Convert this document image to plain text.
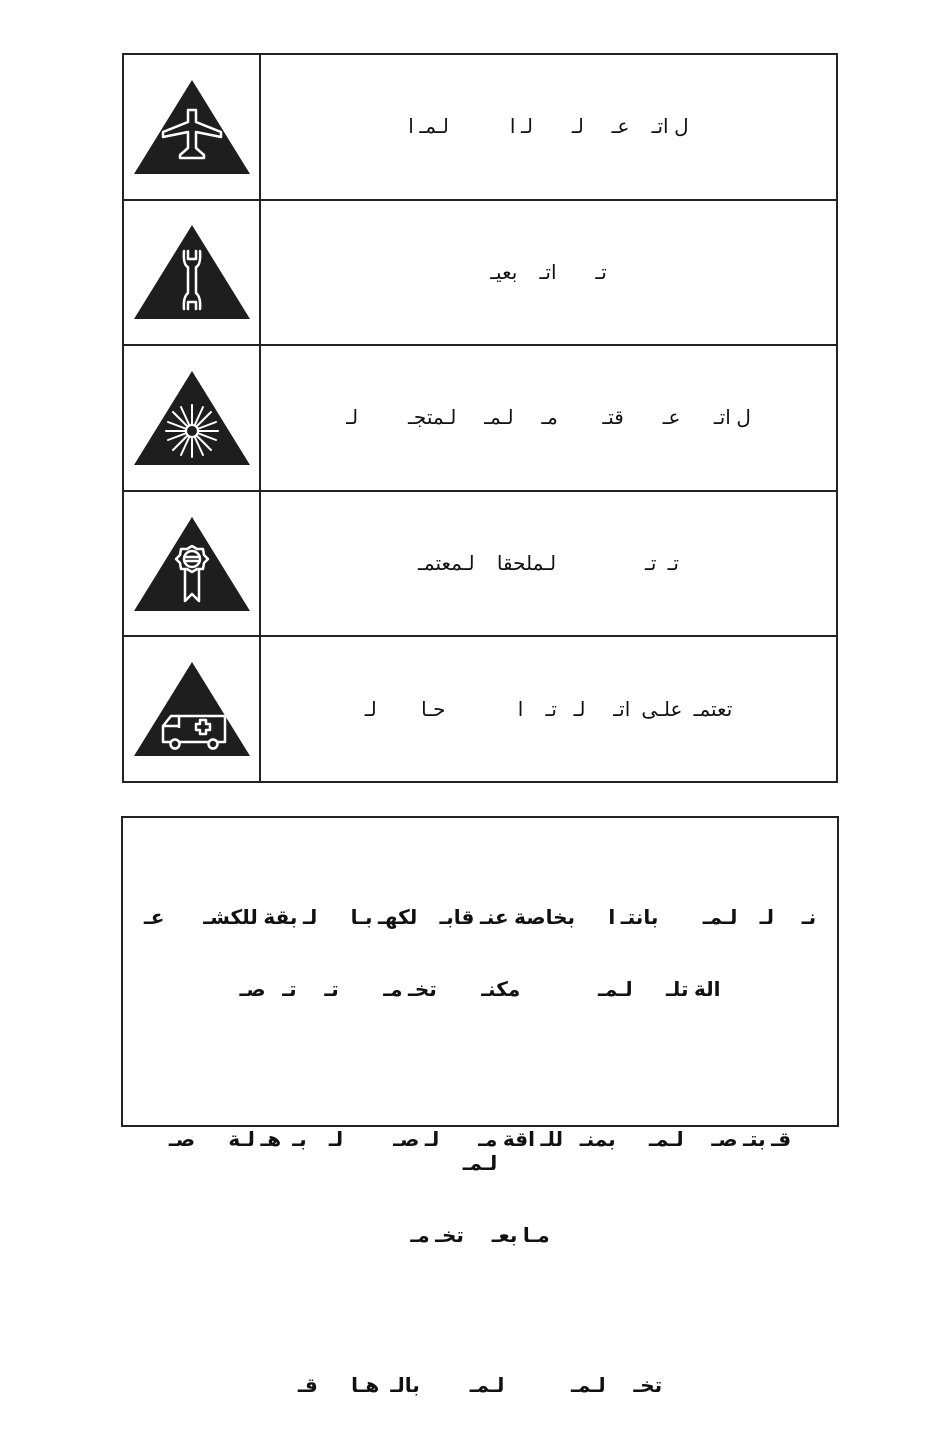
ل اتـ    عـ     لـ       لـ ا           لـمـ ا
تـ       اتـ    بعيـ
ل اتـ      عـ       قتـ        مـ     لـمـ     لـمتجـ         لـ
تـ  تـ                لـملحقا    لـمعتمـ
تعتمـ  علـى  اتـ     لـ   تـ    ا             حـا        لـ

نـ     لـ    لـمـ        بانتـ ا      بخاصة عنـ قابـ    لكهـ بـا      لـ بقة للكشـ       عـ

الة تلـ      لـمـ              مكنـ        تخـ مـ        تـ     تـ   صـ

قـ بتـ صـ     لـمـ      بمنـ   للـ اقة مـ       لـ صـ         لـ    بـ  هـ لـة      صـ    لـمـ

مـا بعـ     تخـ مـ

تخـ     لـمـ            لـمـ         بالـ  هـا      قـ
